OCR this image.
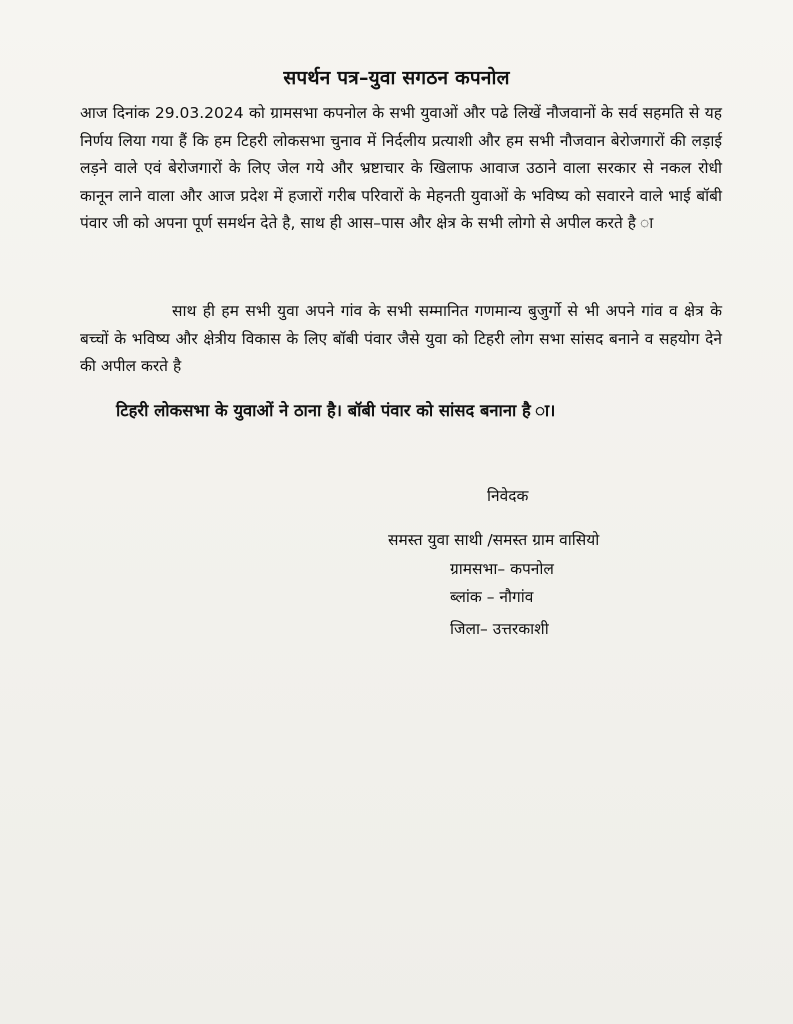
सपर्थन पत्र–युवा सगठन कपनोल
आज दिनांक 29.03.2024 को ग्रामसभा कपनोल के सभी युवाओं और पढे लिखें नौजवानों के सर्व सहमति से यह निर्णय लिया गया हैं कि हम टिहरी लोकसभा चुनाव में निर्दलीय प्रत्याशी और हम सभी नौजवान बेरोजगारों की लड़ाई लड़ने वाले एवं बेरोजगारों के लिए जेल गये और भ्रष्टाचार के खिलाफ आवाज उठाने वाला सरकार से नकल रोधी कानून लाने वाला और आज प्रदेश में हजारों गरीब परिवारों के मेहनती युवाओं के भविष्य को सवारने वाले भाई बॉबी पंवार जी को अपना पूर्ण समर्थन देते है, साथ ही आस–पास और क्षेत्र के सभी लोगो से अपील करते है ा
साथ ही हम सभी युवा अपने गांव के सभी सम्मानित गणमान्य बुजुर्गो से भी अपने गांव व क्षेत्र के बच्चों के भविष्य और क्षेत्रीय विकास के लिए बॉबी पंवार जैसे युवा को टिहरी लोग सभा सांसद बनाने व सहयोग देने की अपील करते है
टिहरी लोकसभा के युवाओं ने ठाना है। बॉबी पंवार को सांसद बनाना है ा।
निवेदक
समस्त युवा साथी /समस्त ग्राम वासियो
ग्रामसभा– कपनोल
ब्लांक – नौगांव
जिला– उत्तरकाशी
